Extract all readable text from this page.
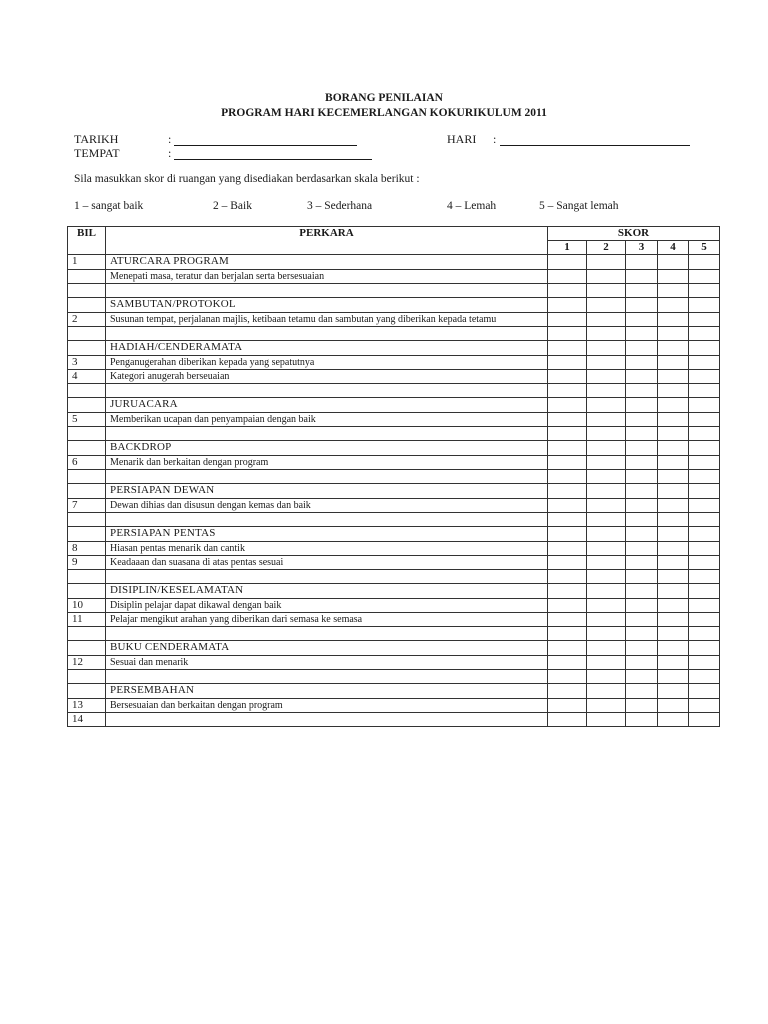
BORANG PENILAIAN
PROGRAM HARI KECEMERLANGAN KOKURIKULUM 2011
TARIKH	:
TEMPAT	:
HARI :
Sila masukkan skor di ruangan yang disediakan berdasarkan skala berikut :
1 – sangat baik	2 – Baik	3 – Sederhana	4 – Lemah	5 – Sangat lemah
BIL	PERKARA	SKOR				
		1	2	3	4	5
1	ATURCARA PROGRAM					
	Menepati masa, teratur dan berjalan serta bersesuaian					

	SAMBUTAN/PROTOKOL					
2	Susunan tempat, perjalanan majlis, ketibaan tetamu dan sambutan yang diberikan kepada tetamu					

	HADIAH/CENDERAMATA					
3	Penganugerahan diberikan kepada yang sepatutnya					
4	Kategori anugerah berseuaian					

	JURUACARA					
5	Memberikan ucapan dan penyampaian dengan baik					

	BACKDROP					
6	Menarik dan berkaitan dengan program					

	PERSIAPAN DEWAN					
7	Dewan dihias dan disusun dengan kemas dan baik					

	PERSIAPAN PENTAS					
8	Hiasan pentas menarik dan cantik					
9	Keadaaan dan suasana di atas pentas sesuai					

	DISIPLIN/KESELAMATAN					
10	Disiplin pelajar dapat dikawal dengan baik					
11	Pelajar mengikut arahan yang diberikan dari semasa ke semasa					

	BUKU CENDERAMATA					
12	Sesuai dan menarik					

	PERSEMBAHAN					
13	Bersesuaian dan berkaitan dengan program					
14						
